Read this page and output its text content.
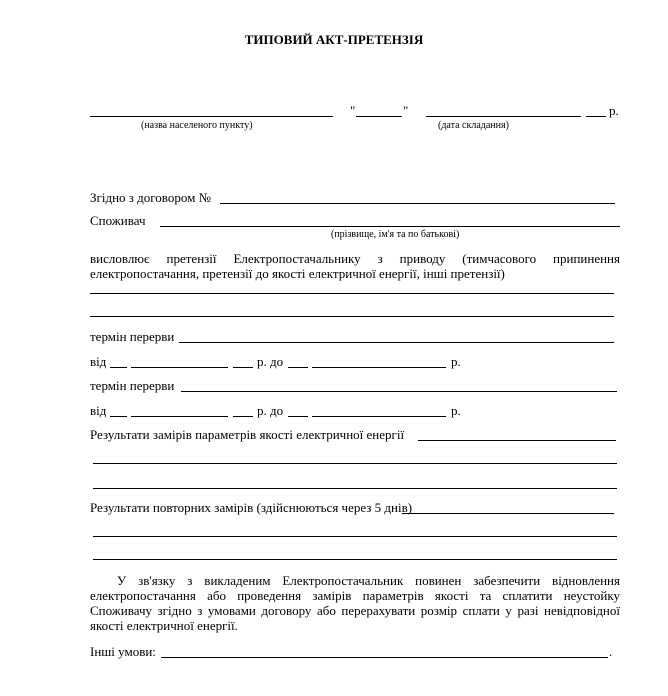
ТИПОВИЙ АКТ-ПРЕТЕНЗІЯ
(назва населеного пункту)
"	"	р.
(дата складання)
Згідно з договором №
Споживач
(прізвище, ім'я та по батькові)
висловлює претензії Електропостачальнику з приводу (тимчасового припинення електропостачання, претензії до якості електричної енергії, інші претензії)
термін перерви
від	р. до	р.
термін перерви
від	р. до	р.
Результати замірів параметрів якості електричної енергії
Результати повторних замірів (здійснюються через 5 днів)
У зв'язку з викладеним Електропостачальник повинен забезпечити відновлення електропостачання або проведення замірів параметрів якості та сплатити неустойку Споживачу згідно з умовами договору або перерахувати розмір сплати у разі невідповідної якості електричної енергії.
Інші умови:	.
